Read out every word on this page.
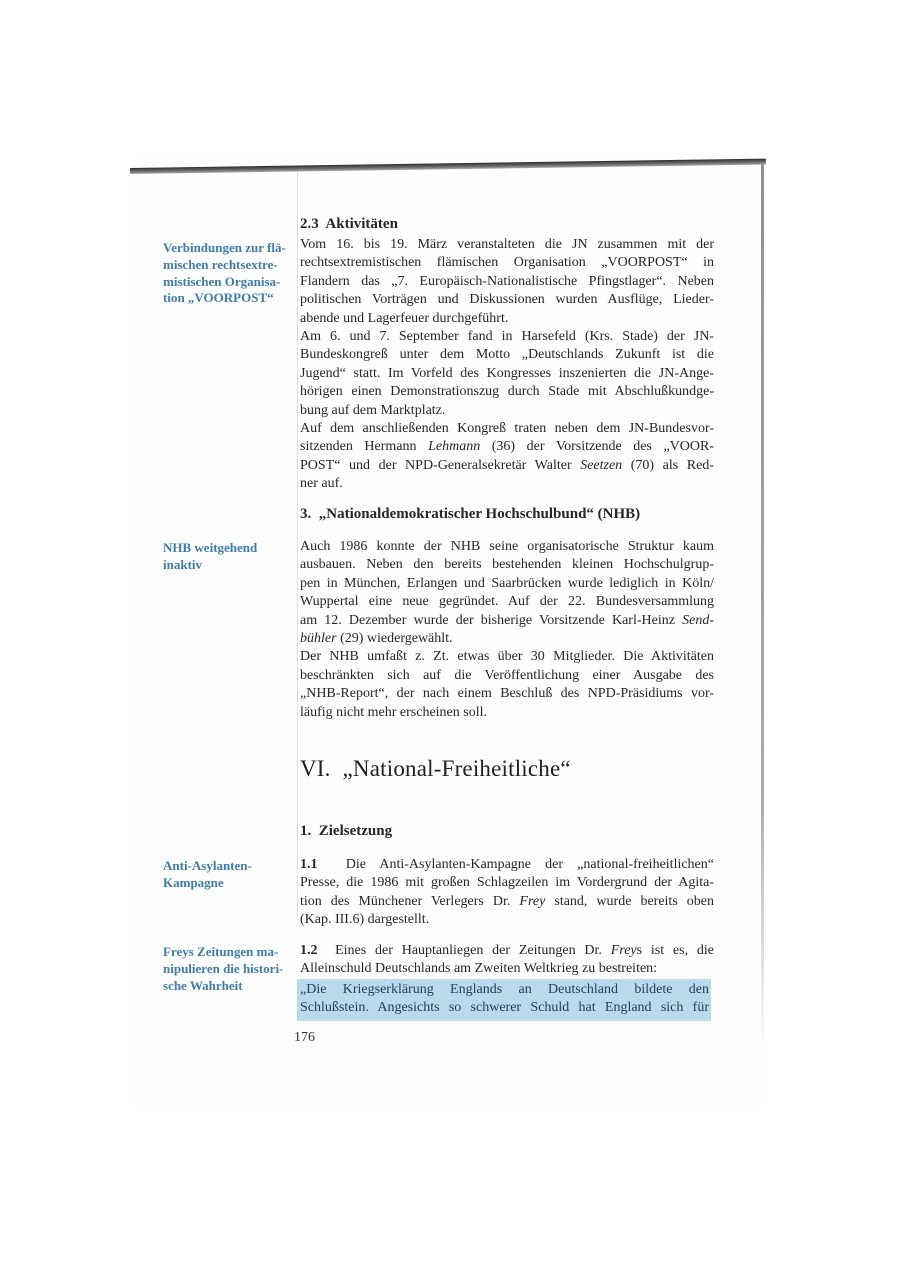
Verbindungen zur flä-
mischen rechtsextre-
mistischen Organisa-
tion „VOORPOST“
NHB weitgehend
inaktiv
Anti-Asylanten-
Kampagne
Freys Zeitungen ma-
nipulieren die histori-
sche Wahrheit
2.3  Aktivitäten
Vom 16. bis 19. März veranstalteten die JN zusammen mit der
rechtsextremistischen flämischen Organisation „VOORPOST“ in
Flandern das „7. Europäisch-Nationalistische Pfingstlager“. Neben
politischen Vorträgen und Diskussionen wurden Ausflüge, Lieder-
abende und Lagerfeuer durchgeführt.
Am 6. und 7. September fand in Harsefeld (Krs. Stade) der JN-
Bundeskongreß unter dem Motto „Deutschlands Zukunft ist die
Jugend“ statt. Im Vorfeld des Kongresses inszenierten die JN-Ange-
hörigen einen Demonstrationszug durch Stade mit Abschlußkundge-
bung auf dem Marktplatz.
Auf dem anschließenden Kongreß traten neben dem JN-Bundesvor-
sitzenden Hermann Lehmann (36) der Vorsitzende des „VOOR-
POST“ und der NPD-Generalsekretär Walter Seetzen (70) als Red-
ner auf.
3.  „Nationaldemokratischer Hochschulbund“ (NHB)
Auch 1986 konnte der NHB seine organisatorische Struktur kaum
ausbauen. Neben den bereits bestehenden kleinen Hochschulgrup-
pen in München, Erlangen und Saarbrücken wurde lediglich in Köln/
Wuppertal eine neue gegründet. Auf der 22. Bundesversammlung
am 12. Dezember wurde der bisherige Vorsitzende Karl-Heinz Send-
bühler (29) wiedergewählt.
Der NHB umfaßt z. Zt. etwas über 30 Mitglieder. Die Aktivitäten
beschränkten sich auf die Veröffentlichung einer Ausgabe des
„NHB-Report“, der nach einem Beschluß des NPD-Präsidiums vor-
läufig nicht mehr erscheinen soll.
VI.  „National-Freiheitliche“
1.  Zielsetzung
1.1  Die Anti-Asylanten-Kampagne der „national-freiheitlichen“
Presse, die 1986 mit großen Schlagzeilen im Vordergrund der Agita-
tion des Münchener Verlegers Dr. Frey stand, wurde bereits oben
(Kap. III.6) dargestellt.
1.2  Eines der Hauptanliegen der Zeitungen Dr. Freys ist es, die
Alleinschuld Deutschlands am Zweiten Weltkrieg zu bestreiten:
„Die Kriegserklärung Englands an Deutschland bildete den
Schlußstein. Angesichts so schwerer Schuld hat England sich für
176
